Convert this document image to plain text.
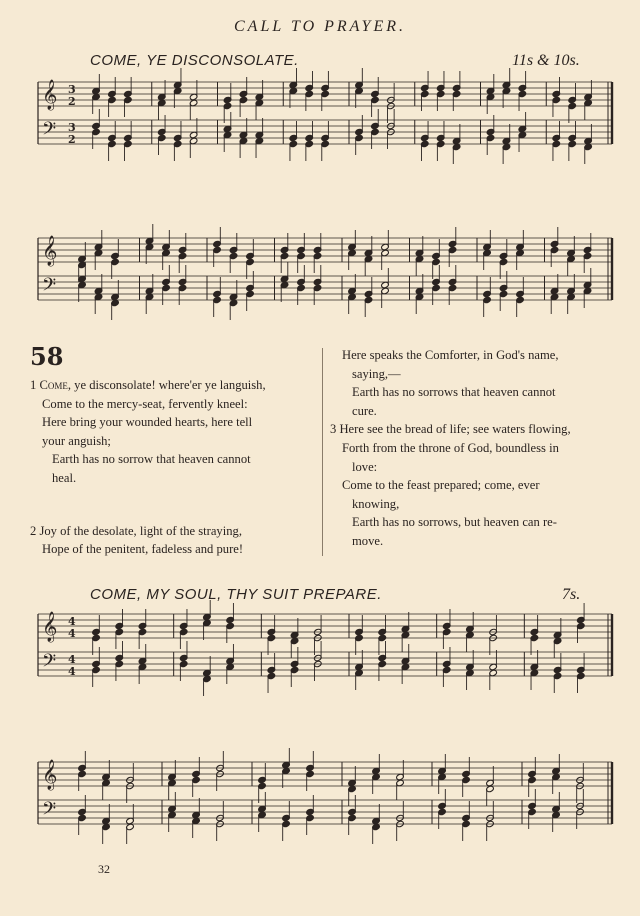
CALL TO PRAYER.
COME, YE DISCONSOLATE.	11s & 10s.
𝄞
𝄢
3
2
3
2
𝄞
𝄢
𝄞
𝄢
4
4
4
4
𝄞
𝄢
58
1 Come, ye disconsolate! where'er ye languish,
Come to the mercy-seat, fervently kneel:
Here bring your wounded hearts, here tell
your anguish;
Earth has no sorrow that heaven cannot
heal.
2 Joy of the desolate, light of the straying,
Hope of the penitent, fadeless and pure!
Here speaks the Comforter, in God's name,
saying,—
Earth has no sorrows that heaven cannot
cure.
3 Here see the bread of life; see waters flowing,
Forth from the throne of God, boundless in
love:
Come to the feast prepared; come, ever
knowing,
Earth has no sorrows, but heaven can re-
move.
COME, MY SOUL, THY SUIT PREPARE.	7s.
32
